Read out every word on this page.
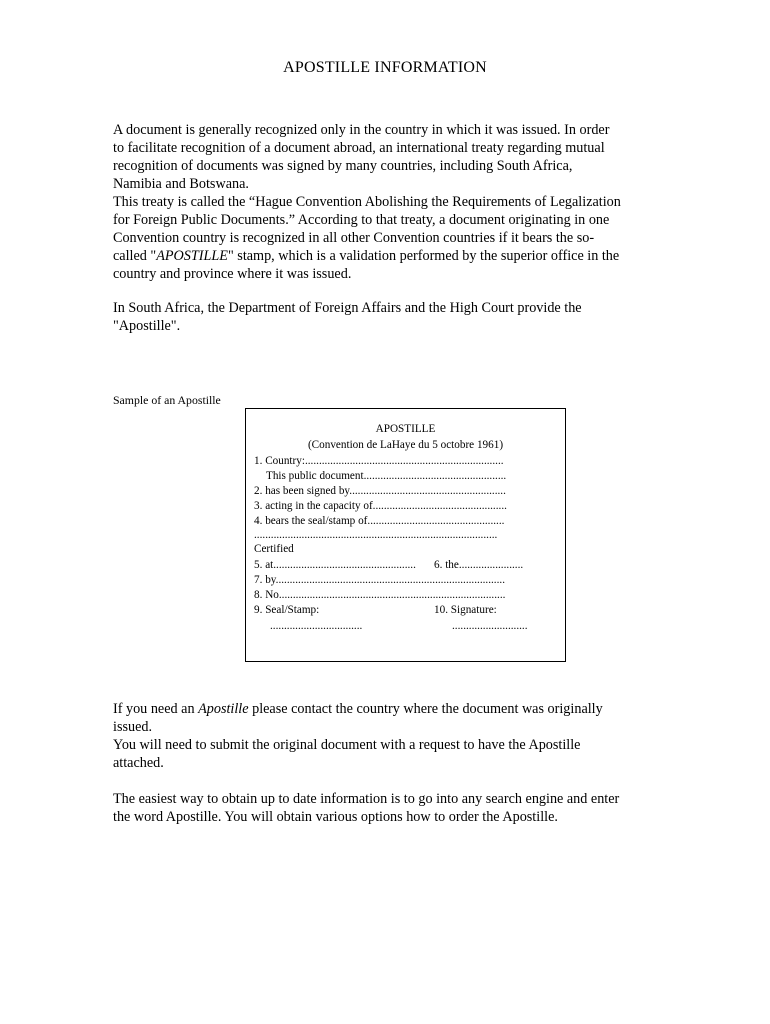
APOSTILLE INFORMATION
A document is generally recognized only in the country in which it was issued. In order
to facilitate recognition of a document abroad, an international treaty regarding mutual
recognition of documents was signed by many countries, including South Africa,
Namibia and Botswana.
This treaty is called the “Hague Convention Abolishing the Requirements of Legalization
for Foreign Public Documents.” According to that treaty, a document originating in one
Convention country is recognized in all other Convention countries if it bears the so-
called "APOSTILLE" stamp, which is a validation performed by the superior office in the
country and province where it was issued.
In South Africa, the Department of Foreign Affairs and the High Court provide the
"Apostille".
Sample of an Apostille
APOSTILLE
(Convention de LaHaye du 5 octobre 1961)
1. Country:.......................................................................
This public document...................................................
2. has been signed by........................................................
3. acting in the capacity of................................................
4. bears the seal/stamp of.................................................
.......................................................................................
Certified
5. at................................................... 6. the.......................
7. by..................................................................................
8. No.................................................................................
9. Seal/Stamp:	10. Signature:
.................................	...........................
If you need an Apostille please contact the country where the document was originally
issued.
You will need to submit the original document with a request to have the Apostille
attached.
The easiest way to obtain up to date information is to go into any search engine and enter
the word Apostille. You will obtain various options how to order the Apostille.
